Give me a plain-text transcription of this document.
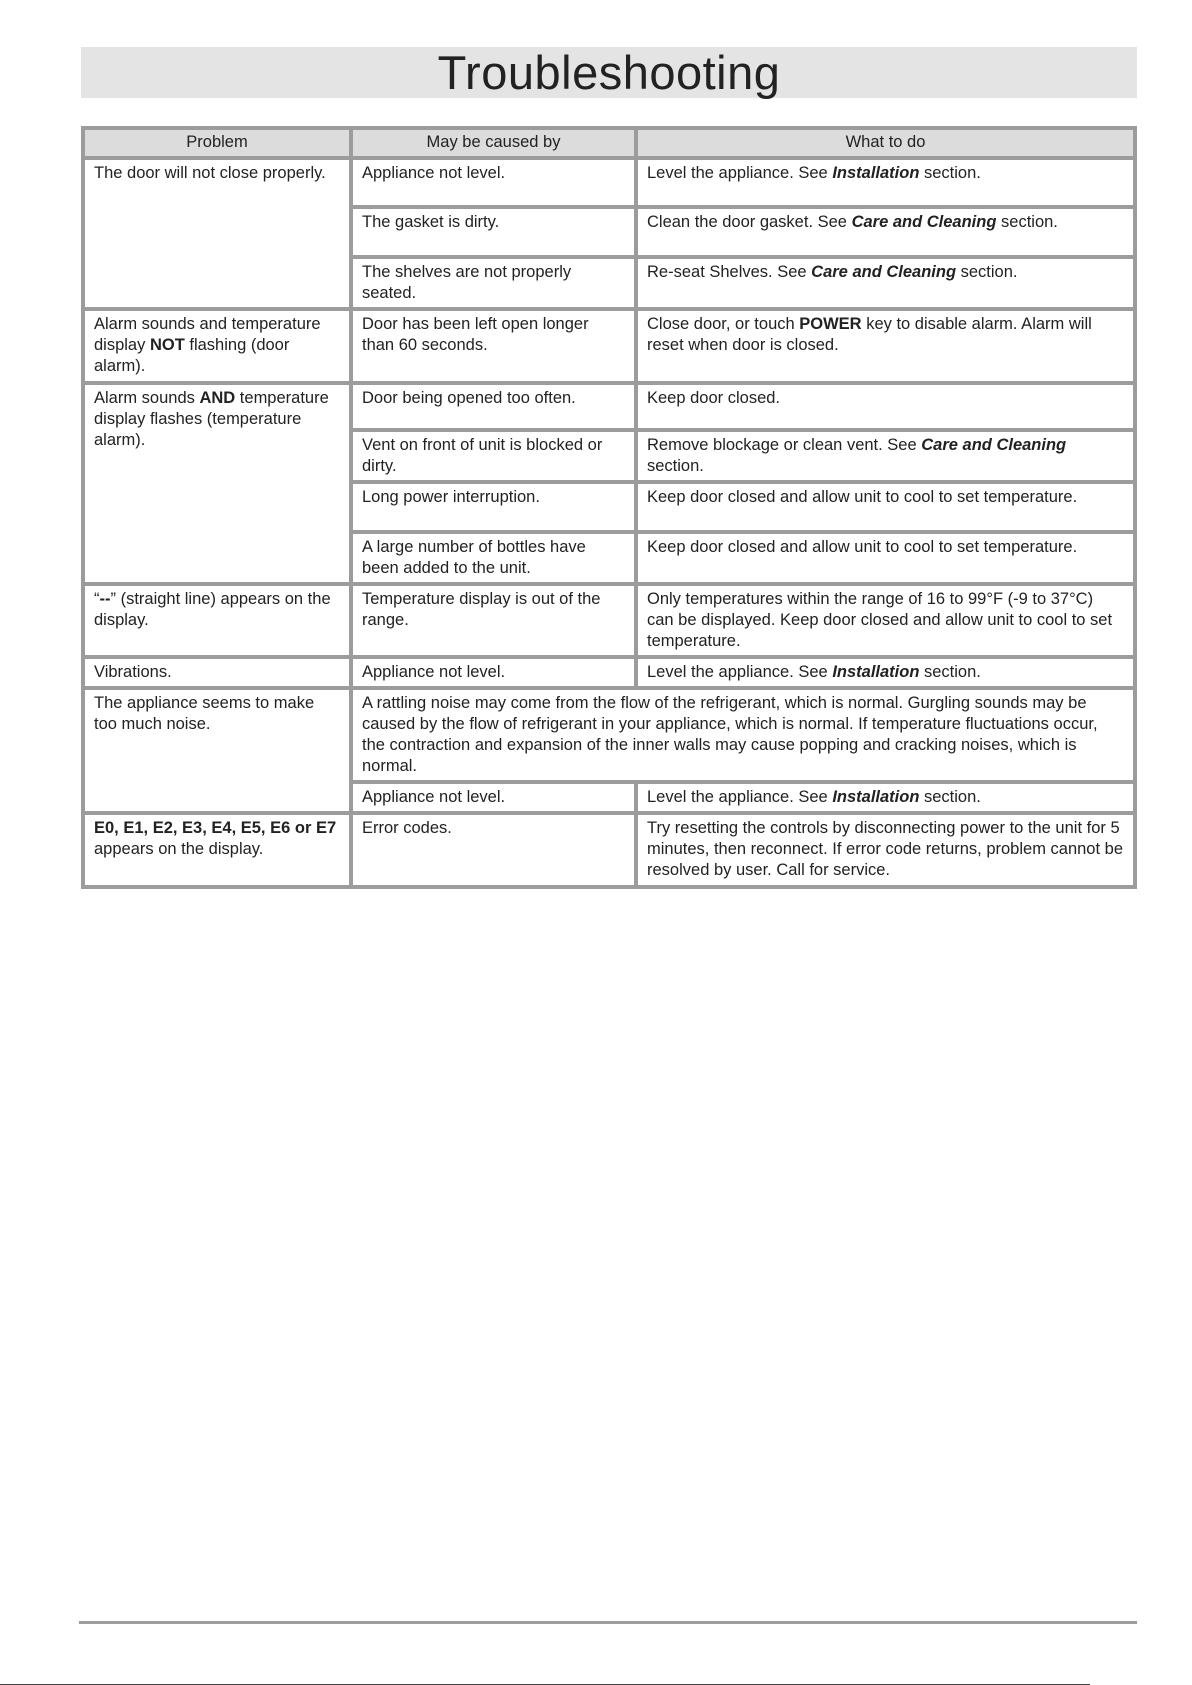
Troubleshooting
Problem	May be caused by	What to do
The door will not close properly.	Appliance not level.	Level the appliance. See Installation section.
	The gasket is dirty.	Clean the door gasket. See Care and Cleaning section.
	The shelves are not properly seated.	Re-seat Shelves. See Care and Cleaning section.
Alarm sounds and temperature display NOT flashing (door alarm).	Door has been left open longer than 60 seconds.	Close door, or touch POWER key to disable alarm. Alarm will reset when door is closed.
Alarm sounds AND temperature display flashes (temperature alarm).	Door being opened too often.	Keep door closed.
	Vent on front of unit is blocked or dirty.	Remove blockage or clean vent. See Care and Cleaning section.
	Long power interruption.	Keep door closed and allow unit to cool to set temperature.
	A large number of bottles have been added to the unit.	Keep door closed and allow unit to cool to set temperature.
“--” (straight line) appears on the display.	Temperature display is out of the range.	Only temperatures within the range of 16 to 99°F (-9 to 37°C) can be displayed. Keep door closed and allow unit to cool to set temperature.
Vibrations.	Appliance not level.	Level the appliance. See Installation section.
The appliance seems to make too much noise.	A rattling noise may come from the flow of the refrigerant, which is normal. Gurgling sounds may be caused by the flow of refrigerant in your appliance, which is normal. If temperature fluctuations occur, the contraction and expansion of the inner walls may cause popping and cracking noises, which is normal.	
	Appliance not level.	Level the appliance. See Installation section.
E0, E1, E2, E3, E4, E5, E6 or E7 appears on the display.	Error codes.	Try resetting the controls by disconnecting power to the unit for 5 minutes, then reconnect. If error code returns, problem cannot be resolved by user. Call for service.
